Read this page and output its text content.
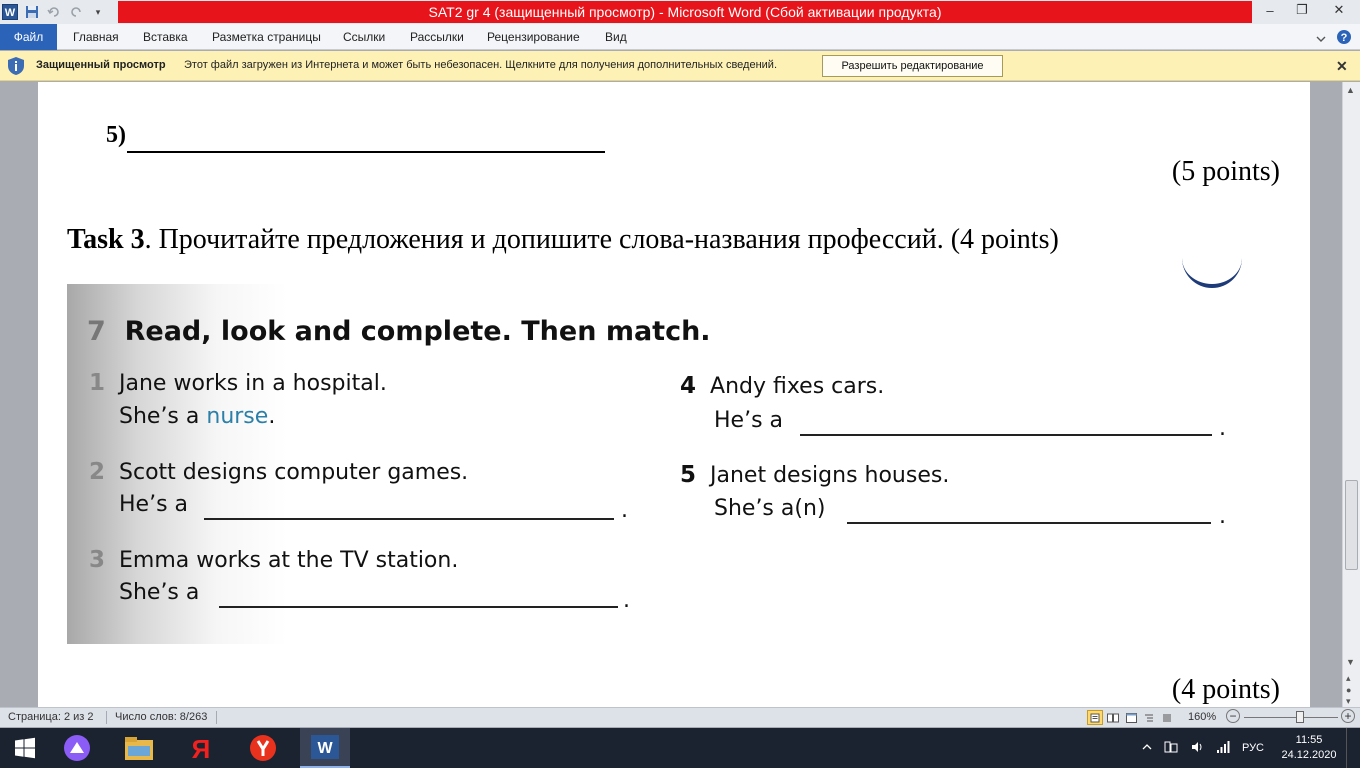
W	▾	SAT2 gr 4 (защищенный просмотр) - Microsoft Word (Сбой активации продукта)	–	❐	✕
Файл	Главная Вставка Разметка страницы Ссылки Рассылки Рецензирование Вид	?
Защищенный просмотр Этот файл загружен из Интернета и может быть небезопасен. Щелкните для получения дополнительных сведений.	Разрешить редактирование	✕
5)
(5 points)
Task 3. Прочитайте предложения и допишите слова-названия профессий. (4 points)
7 Read, look and complete. Then match.
1 Jane works in a hospital.
She’s a nurse.
2 Scott designs computer games.
He’s a	.
3 Emma works at the TV station.
She’s a	.
4 Andy fixes cars.
He’s a	.
5 Janet designs houses.
She’s a(n)	.
(4 points)
▲
▼
▴
●
▾
Страница: 2 из 2 Число слов: 8/263	160% −	+
Я	W	РУС
11:55
24.12.2020
